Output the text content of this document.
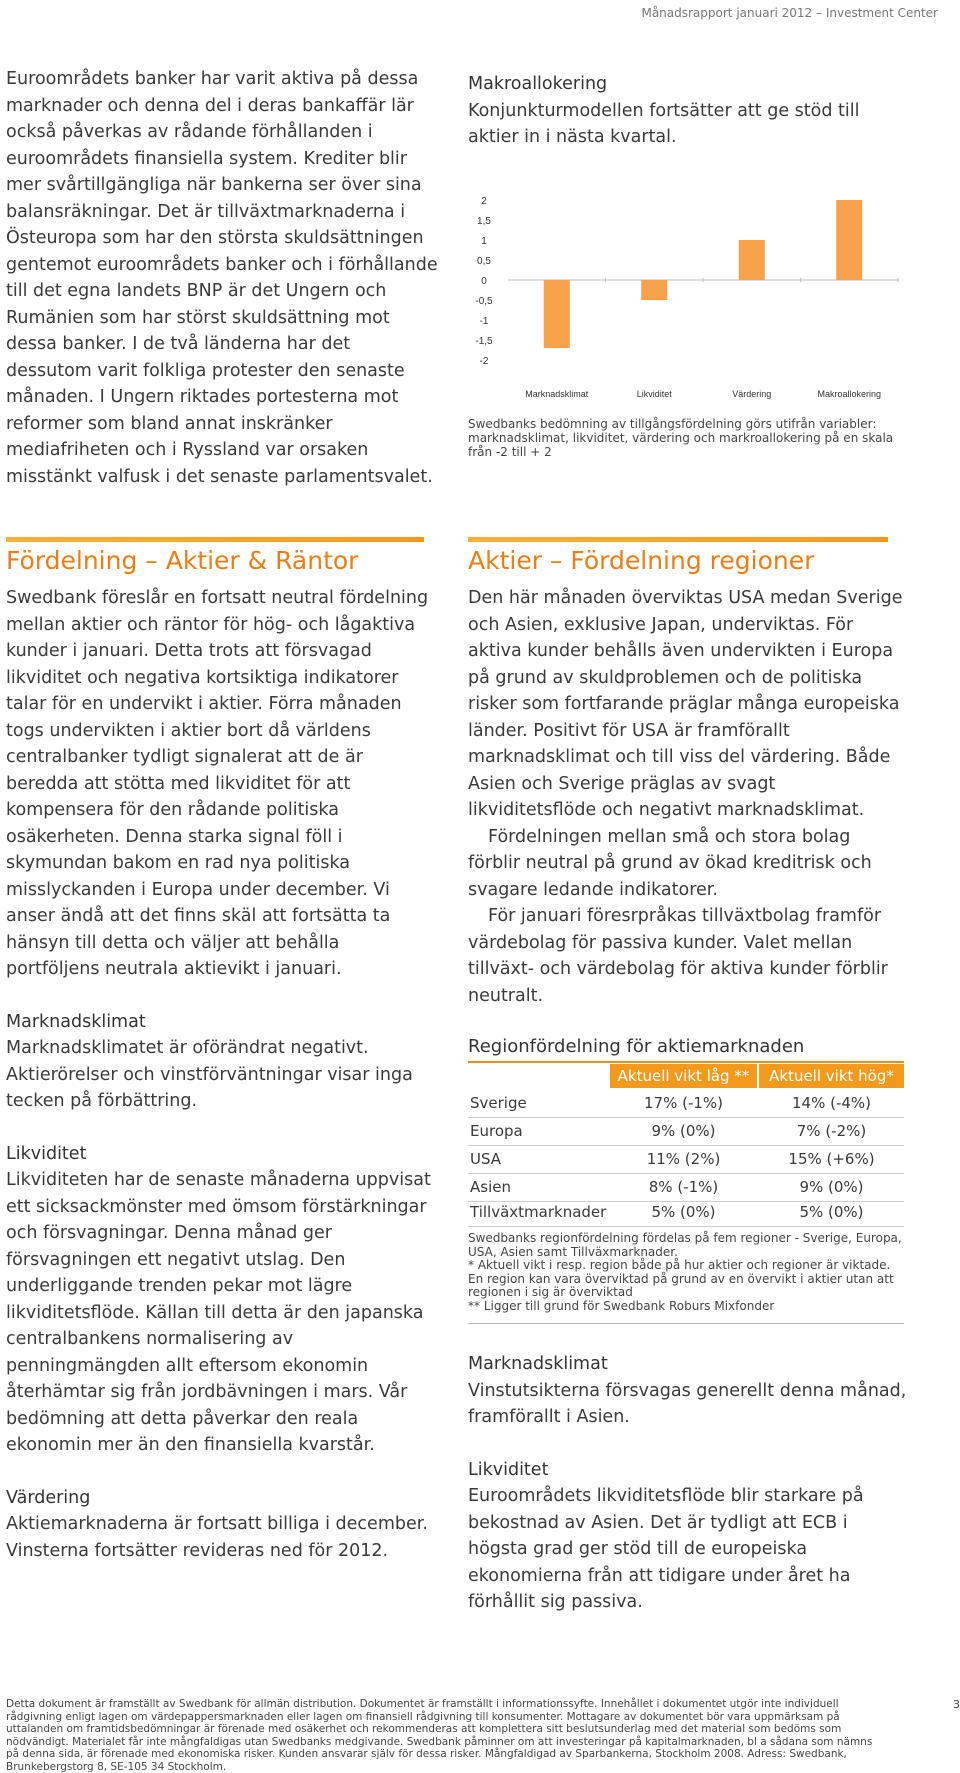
Månadsrapport januari 2012 – Investment Center

Euroområdets banker har varit aktiva på dessa marknader och denna del i deras bankaffär lär också påverkas av rådande förhållanden i euroområdets finansiella system. Krediter blir mer svårtillgängliga när bankerna ser över sina balansräkningar. Det är tillväxtmarknaderna i Östeuropa som har den största skuldsättningen gentemot euroområdets banker och i förhållande till det egna landets BNP är det Ungern och Rumänien som har störst skuldsättning mot dessa banker. I de två länderna har det dessutom varit folkliga protester den senaste månaden. I Ungern riktades portesterna mot reformer som bland annat inskränker mediafriheten och i Ryssland var orsaken misstänkt valfusk i det senaste parlamentsvalet.

Makroallokering

Konjunkturmodellen fortsätter att ge stöd till aktier in i nästa kvartal.

2
1,5
1
0,5
0
-0,5
-1
-1,5
-2
Marknadsklimat	Likviditet	Värdering	Makroallokering
Swedbanks bedömning av tillgångsfördelning görs utifrån variabler: marknadsklimat, likviditet, värdering och markroallokering på en skala från -2 till + 2
Fördelning – Aktier & Räntor

Swedbank föreslår en fortsatt neutral fördelning mellan aktier och räntor för hög- och lågaktiva kunder i januari. Detta trots att försvagad likviditet och negativa kortsiktiga indikatorer talar för en undervikt i aktier. Förra månaden togs undervikten i aktier bort då världens centralbanker tydligt signalerat att de är beredda att stötta med likviditet för att kompensera för den rådande politiska osäkerheten. Denna starka signal föll i skymundan bakom en rad nya politiska misslyckanden i Europa under december. Vi anser ändå att det finns skäl att fortsätta ta hänsyn till detta och väljer att behålla portföljens neutrala aktievikt i januari.

Marknadsklimat

Marknadsklimatet är oförändrat negativt. Aktierörelser och vinstförväntningar visar inga tecken på förbättring.

Likviditet

Likviditeten har de senaste månaderna uppvisat ett sicksackmönster med ömsom förstärkningar och försvagningar. Denna månad ger försvagningen ett negativt utslag. Den underliggande trenden pekar mot lägre likviditetsflöde. Källan till detta är den japanska centralbankens normalisering av penningmängden allt eftersom ekonomin återhämtar sig från jordbävningen i mars. Vår bedömning att detta påverkar den reala ekonomin mer än den finansiella kvarstår.

Värdering

Aktiemarknaderna är fortsatt billiga i december. Vinsterna fortsätter revideras ned för 2012.

Aktier – Fördelning regioner

Den här månaden överviktas USA medan Sverige och Asien, exklusive Japan, underviktas. För aktiva kunder behålls även undervikten i Europa på grund av skuldproblemen och de politiska risker som fortfarande präglar många europeiska länder. Positivt för USA är framförallt marknadsklimat och till viss del värdering. Både Asien och Sverige präglas av svagt likviditetsflöde och negativt marknadsklimat.

Fördelningen mellan små och stora bolag förblir neutral på grund av ökad kreditrisk och svagare ledande indikatorer.

För januari föresrpråkas tillväxtbolag framför värdebolag för passiva kunder. Valet mellan tillväxt- och värdebolag för aktiva kunder förblir neutralt.

Regionfördelning för aktiemarknaden
Aktuell vikt låg **	Aktuell vikt hög*
Sverige	17% (-1%)	14% (-4%)
Europa	9% (0%)	7% (-2%)
USA	11% (2%)	15% (+6%)
Asien	8% (-1%)	9% (0%)
Tillväxtmarknader	5% (0%)	5% (0%)
Swedbanks regionfördelning fördelas på fem regioner - Sverige, Europa, USA, Asien samt Tillväxmarknader.
* Aktuell vikt i resp. region både på hur aktier och regioner är viktade. En region kan vara överviktad på grund av en övervikt i aktier utan att regionen i sig är överviktad
** Ligger till grund för Swedbank Roburs Mixfonder

Marknadsklimat

Vinstutsikterna försvagas generellt denna månad, framförallt i Asien.

Likviditet

Euroområdets likviditetsflöde blir starkare på bekostnad av Asien. Det är tydligt att ECB i högsta grad ger stöd till de europeiska ekonomierna från att tidigare under året ha förhållit sig passiva.

Detta dokument är framställt av Swedbank för allmän distribution. Dokumentet är framställt i informationssyfte. Innehållet i dokumentet utgör inte individuell rådgivning enligt lagen om värdepappersmarknaden eller lagen om finansiell rådgivning till konsumenter. Mottagare av dokumentet bör vara uppmärksam på uttalanden om framtidsbedömningar är förenade med osäkerhet och rekommenderas att komplettera sitt beslutsunderlag med det material som bedöms som nödvändigt. Materialet får inte mångfaldigas utan Swedbanks medgivande. Swedbank påminner om att investeringar på kapitalmarknaden, bl a sådana som nämns på denna sida, är förenade med ekonomiska risker. Kunden ansvarar själv för dessa risker. Mångfaldigad av Sparbankerna, Stockholm 2008. Adress: Swedbank, Brunkebergstorg 8, SE-105 34 Stockholm.
3
